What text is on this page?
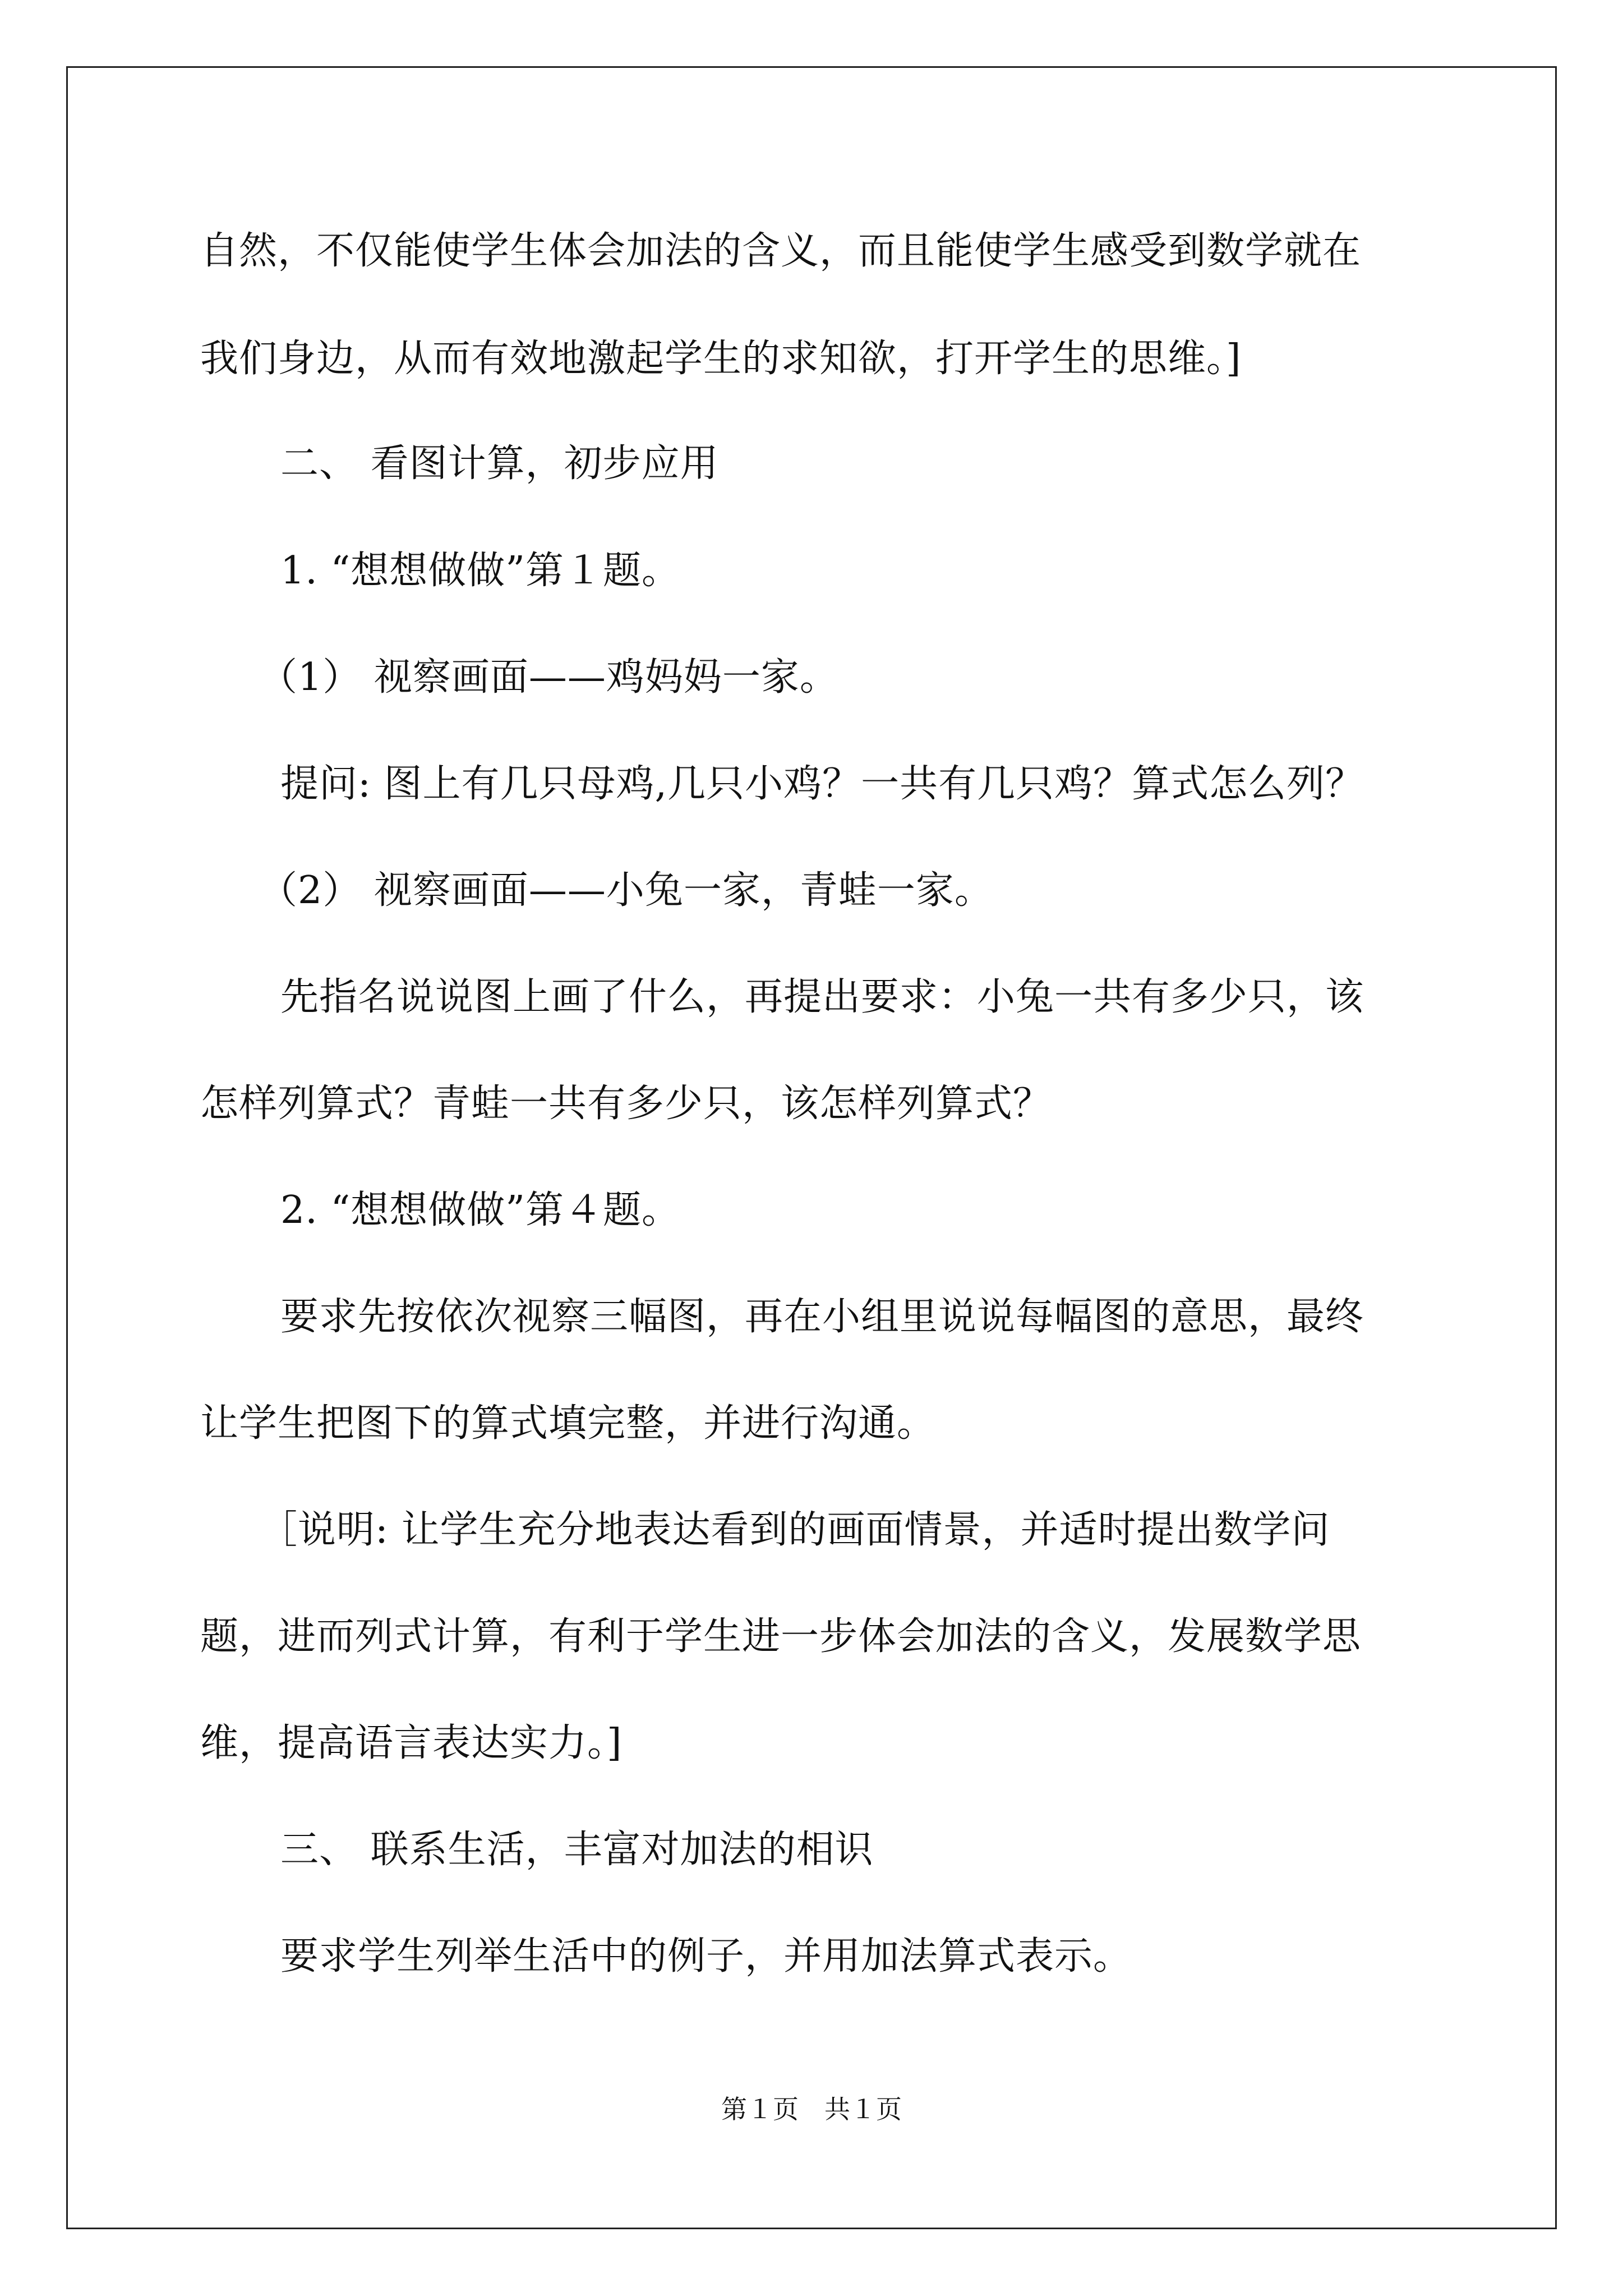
自然，不仅能使学生体会加法的含义，而且能使学生感受到数学就在

我们身边，从而有效地激起学生的求知欲，打开学生的思维。]

二、 看图计算，初步应用

1. “想想做做”第１题。

（1） 视察画面——鸡妈妈一家。

提问: 图上有几只母鸡,几只小鸡？一共有几只鸡？算式怎么列？

（2） 视察画面——小兔一家，青蛙一家。

先指名说说图上画了什么，再提出要求：小兔一共有多少只，该

怎样列算式？青蛙一共有多少只，该怎样列算式？

2. “想想做做”第４题。

要求先按依次视察三幅图，再在小组里说说每幅图的意思，最终

让学生把图下的算式填完整，并进行沟通。

［说明: 让学生充分地表达看到的画面情景，并适时提出数学问

题，进而列式计算，有利于学生进一步体会加法的含义，发展数学思

维，提高语言表达实力。]

三、 联系生活，丰富对加法的相识

要求学生列举生活中的例子，并用加法算式表示。

第１页　共１页
